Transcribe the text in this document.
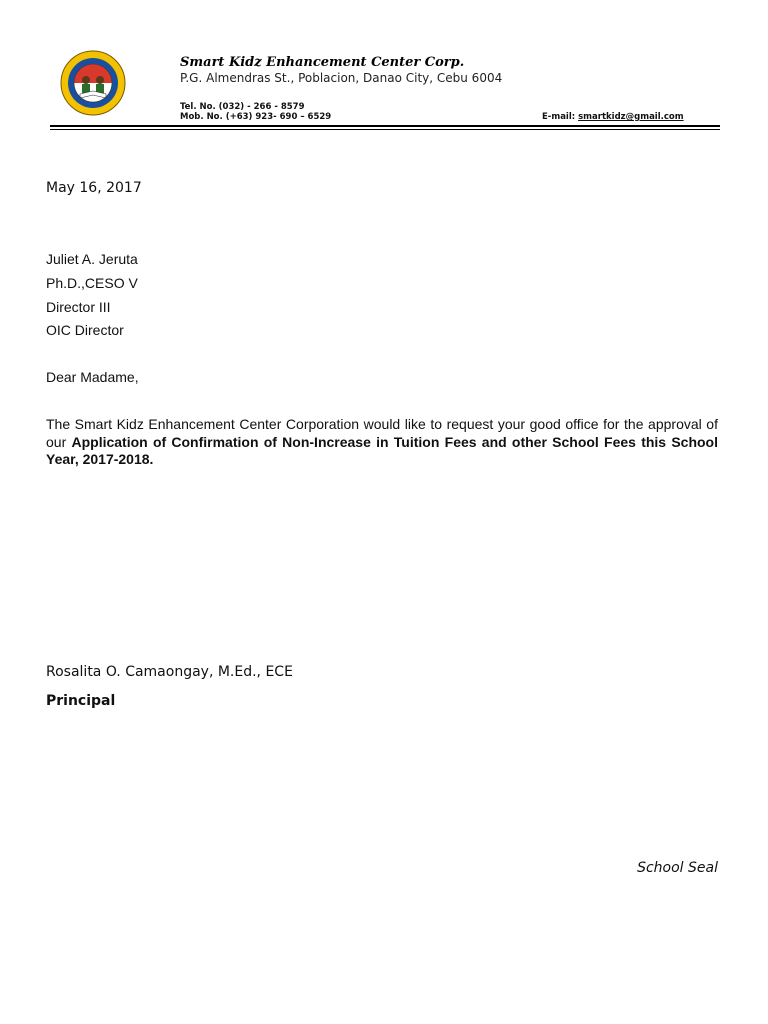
Smart Kidz Enhancement Center Corp.
P.G. Almendras St., Poblacion, Danao City, Cebu 6004
Tel. No. (032) - 266 - 8579
Mob. No. (+63) 923- 690 – 6529	E-mail: smartkidz@gmail.com
May 16, 2017
Juliet A. Jeruta
Ph.D.,CESO V
Director III
OIC Director
Dear Madame,
The Smart Kidz Enhancement Center Corporation would like to request your good office for the approval of our Application of Confirmation of Non-Increase in Tuition Fees and other School Fees this School Year, 2017-2018.
Rosalita O. Camaongay, M.Ed., ECE
Principal
School Seal
